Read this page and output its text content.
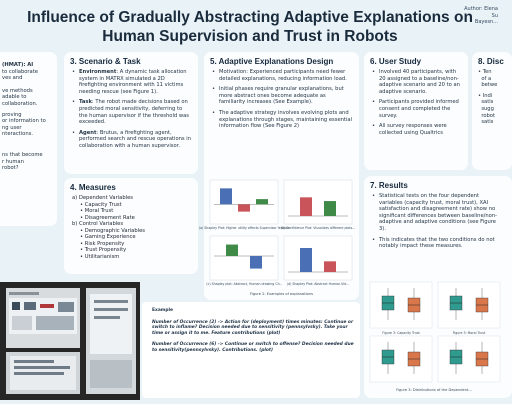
Influence of Gradually Abstracting Adaptive Explanations on Human Supervision and Trust in Robots
Author: Elena
Su
Bayesn...

(HMAT): AI

to collaborate

ves and

ve methods

adable to

collaboration.

proving

or information to

ng user

nteractions.

ns that become

r human

robot?

3. Scenario & Task
• Environment: A dynamic task allocation system in MATRX simulated a 2D firefighting environment with 11 victims needing rescue (see Figure 1).
• Task: The robot made decisions based on predicted moral sensitivity, deferring to the human supervisor if the threshold was exceeded.
• Agent: Brutus, a firefighting agent, performed search and rescue operations in collaboration with a human supervisor.
4. Measures
a) Dependent Variables
• Capacity Trust
• Moral Trust
• Disagreement Rate
b) Control Variables
• Demographic Variables
• Gaming Experience
• Risk Propensity
• Trust Propensity
• Utilitarianism
5. Adaptive Explanations Design
• Motivation: Experienced participants need fewer detailed explanations, reducing information load.
• Initial phases require granular explanations, but more abstract ones become adequate as familiarity increases (See Example).
• The adaptive strategy involves evolving plots and explanations through stages, maintaining essential information flow (See Figure 2)
(a) Shapley Plot: Higher utility affects Supervisor feature
(b) Confidence Plot: Visualizes different plots...
(c) Shapley plot: Abstract, Human drawing Ch.. (d) Shapley Plot: Abstract Human-Vid...
Figure 2: Examples of explanations
6. User Study
• Involved 40 participants, with 20 assigned to a baseline/non-adaptive scenario and 20 to an adaptive scenario.
• Participants provided informed consent and completed the survey.
• All survey responses were collected using Qualtrics
8. Disc

• Ten

of a

betwe

• Indi

satis

sugg

robot

satis

7. Results
• Statistical tests on the four dependent variables (capacity trust, moral trust), XAI satisfaction and disagreement rate) show no significant differences between baseline/non-adaptive and adaptive conditions (see Figure 3).
• This indicates that the two conditions do not notably impact these measures.
Figure 3: Capacity Trust	Figure 3: Moral Trust
Figure 3: Distributions of the Dependent...

Example

Number of Occurrence (2) -> Action for (deployment) times minutes: Continue or switch to inflame? Decision needed due to sensitivity (pennsylvsky). Take your time or assign it to me. Feature contributions (plot)

Number of Occurrence (6) -> Continue or switch to offense? Decision needed due to sensitivity(pennsylvsky). Contributions. (plot)
